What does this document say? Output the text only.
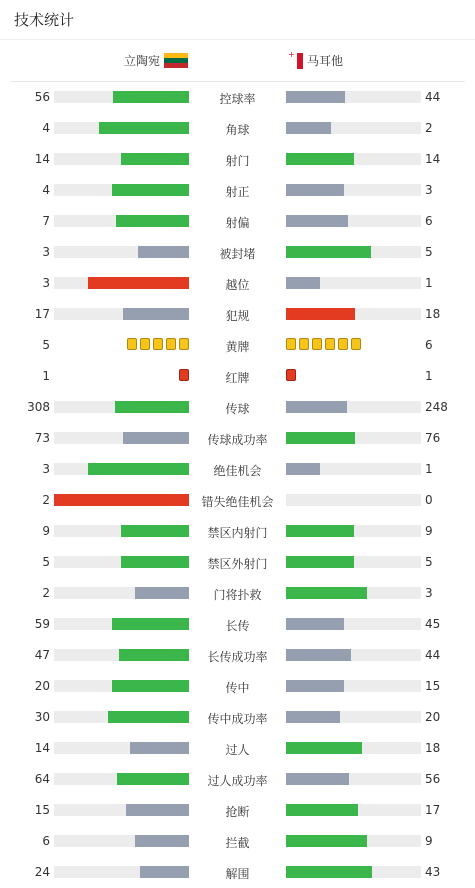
技术统计
立陶宛	+ 马耳他
56	控球率	44
4	角球	2
14	射门	14
4	射正	3
7	射偏	6
3	被封堵	5
3	越位	1
17	犯规	18
5	黄牌	6
1	红牌	1
308	传球	248
73	传球成功率	76
3	绝佳机会	1
2	错失绝佳机会	0
9	禁区内射门	9
5	禁区外射门	5
2	门将扑救	3
59	长传	45
47	长传成功率	44
20	传中	15
30	传中成功率	20
14	过人	18
64	过人成功率	56
15	抢断	17
6	拦截	9
24	解围	43
